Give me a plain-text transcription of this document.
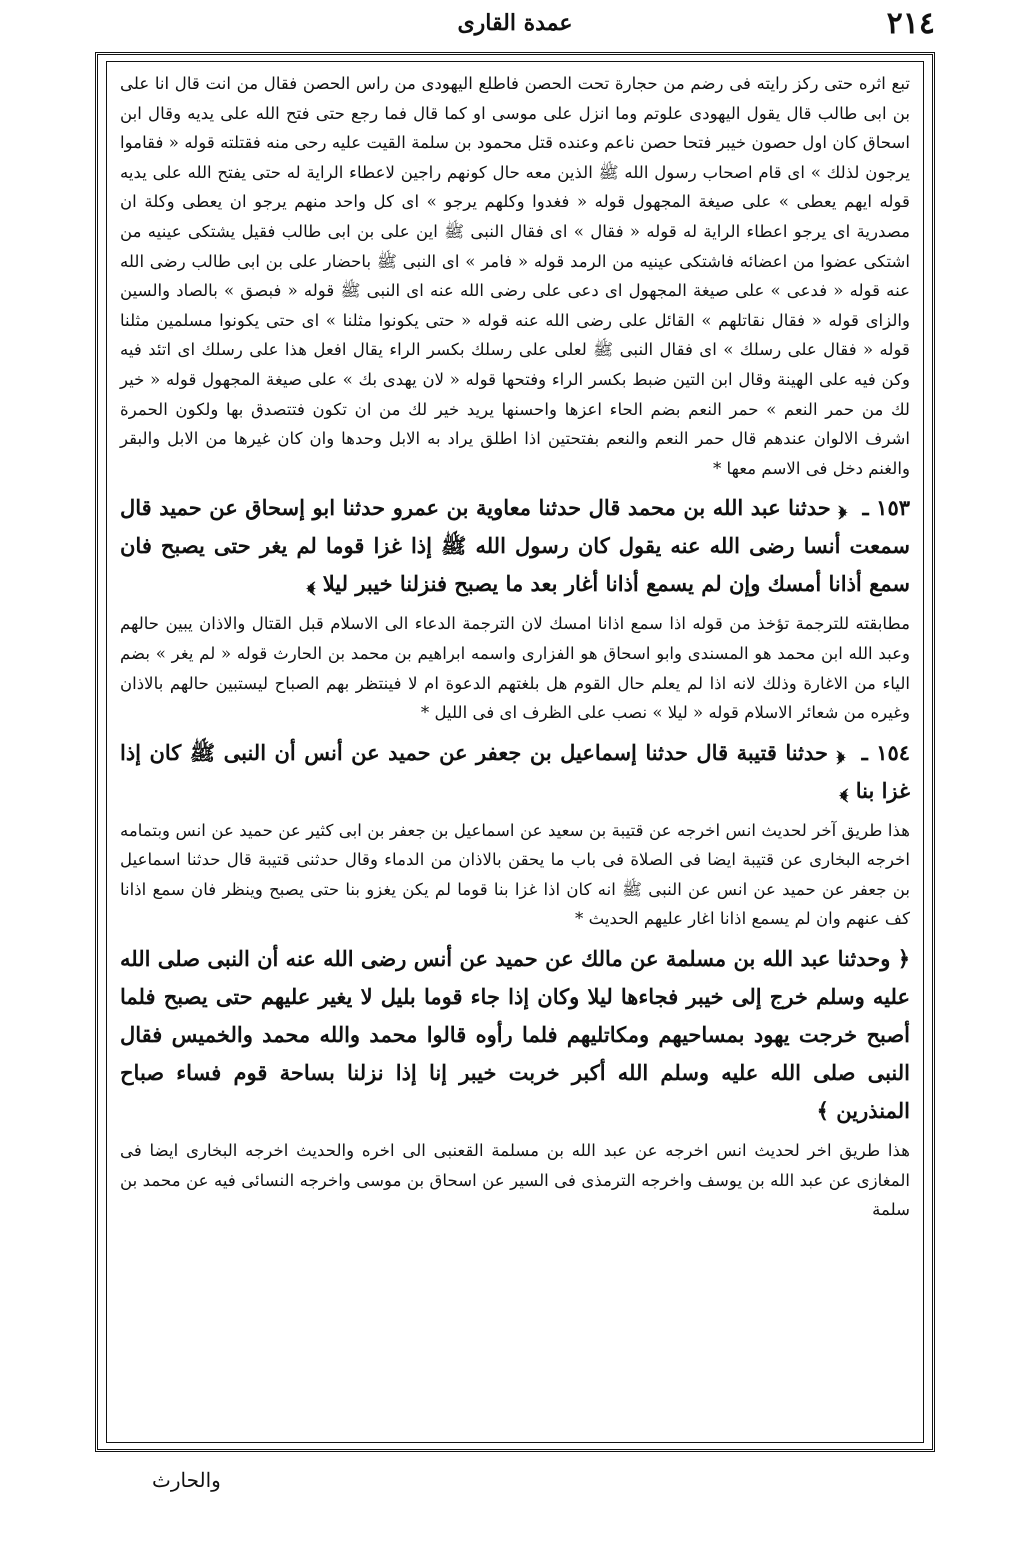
٢١٤
عمدة القارى

تبع اثره حتى ركز رايته فى رضم من حجارة تحت الحصن فاطلع اليهودى من راس الحصن فقال من انت قال انا على بن ابى طالب قال يقول اليهودى علوتم وما انزل على موسى او كما قال فما رجع حتى فتح الله على يديه وقال ابن اسحاق كان اول حصون خيبر فتحا حصن ناعم وعنده قتل محمود بن سلمة القيت عليه رحى منه فقتلته قوله « فقاموا يرجون لذلك » اى قام اصحاب رسول الله ﷺ الذين معه حال كونهم راجين لاعطاء الراية له حتى يفتح الله على يديه قوله ايهم يعطى » على صيغة المجهول قوله « فغدوا وكلهم يرجو » اى كل واحد منهم يرجو ان يعطى وكلة ان مصدرية اى يرجو اعطاء الراية له قوله « فقال » اى فقال النبى ﷺ اين على بن ابى طالب فقيل يشتكى عينيه من اشتكى عضوا من اعضائه فاشتكى عينيه من الرمد قوله « فامر » اى النبى ﷺ باحضار على بن ابى طالب رضى الله عنه قوله « فدعى » على صيغة المجهول اى دعى على رضى الله عنه اى النبى ﷺ قوله « فبصق » بالصاد والسين والزاى قوله « فقال نقاتلهم » القائل على رضى الله عنه قوله « حتى يكونوا مثلنا » اى حتى يكونوا مسلمين مثلنا قوله « فقال على رسلك » اى فقال النبى ﷺ لعلى على رسلك بكسر الراء يقال افعل هذا على رسلك اى اتئد فيه وكن فيه على الهينة وقال ابن التين ضبط بكسر الراء وفتحها قوله « لان يهدى بك » على صيغة المجهول قوله « خير لك من حمر النعم » حمر النعم بضم الحاء اعزها واحسنها يريد خير لك من ان تكون فتتصدق بها ولكون الحمرة اشرف الالوان عندهم قال حمر النعم والنعم بفتحتين اذا اطلق يراد به الابل وحدها وان كان غيرها من الابل والبقر والغنم دخل فى الاسم معها *

١٥٣ ـ ﴿ حدثنا عبد الله بن محمد قال حدثنا معاوية بن عمرو حدثنا ابو إسحاق عن حميد قال سمعت أنسا رضى الله عنه يقول كان رسول الله ﷺ إذا غزا قوما لم يغر حتى يصبح فان سمع أذانا أمسك وإن لم يسمع أذانا أغار بعد ما يصبح فنزلنا خيبر ليلا ﴾

مطابقته للترجمة تؤخذ من قوله اذا سمع اذانا امسك لان الترجمة الدعاء الى الاسلام قبل القتال والاذان يبين حالهم وعبد الله ابن محمد هو المسندى وابو اسحاق هو الفزارى واسمه ابراهيم بن محمد بن الحارث قوله « لم يغر » بضم الياء من الاغارة وذلك لانه اذا لم يعلم حال القوم هل بلغتهم الدعوة ام لا فينتظر بهم الصباح ليستبين حالهم بالاذان وغيره من شعائر الاسلام قوله « ليلا » نصب على الظرف اى فى الليل *

١٥٤ ـ ﴿ حدثنا قتيبة قال حدثنا إسماعيل بن جعفر عن حميد عن أنس أن النبى ﷺ كان إذا غزا بنا ﴾

هذا طريق آخر لحديث انس اخرجه عن قتيبة بن سعيد عن اسماعيل بن جعفر بن ابى كثير عن حميد عن انس وبتمامه اخرجه البخارى عن قتيبة ايضا فى الصلاة فى باب ما يحقن بالاذان من الدماء وقال حدثنى قتيبة قال حدثنا اسماعيل بن جعفر عن حميد عن انس عن النبى ﷺ انه كان اذا غزا بنا قوما لم يكن يغزو بنا حتى يصبح وينظر فان سمع اذانا كف عنهم وان لم يسمع اذانا اغار عليهم الحديث *

﴿ وحدثنا عبد الله بن مسلمة عن مالك عن حميد عن أنس رضى الله عنه أن النبى صلى الله عليه وسلم خرج إلى خيبر فجاءها ليلا وكان إذا جاء قوما بليل لا يغير عليهم حتى يصبح فلما أصبح خرجت يهود بمساحيهم ومكاتليهم فلما رأوه قالوا محمد والله محمد والخميس فقال النبى صلى الله عليه وسلم الله أكبر خربت خيبر إنا إذا نزلنا بساحة قوم فساء صباح المنذرين ﴾

هذا طريق اخر لحديث انس اخرجه عن عبد الله بن مسلمة القعنبى الى اخره والحديث اخرجه البخارى ايضا فى المغازى عن عبد الله بن يوسف واخرجه الترمذى فى السير عن اسحاق بن موسى واخرجه النسائى فيه عن محمد بن سلمة

والحارث
